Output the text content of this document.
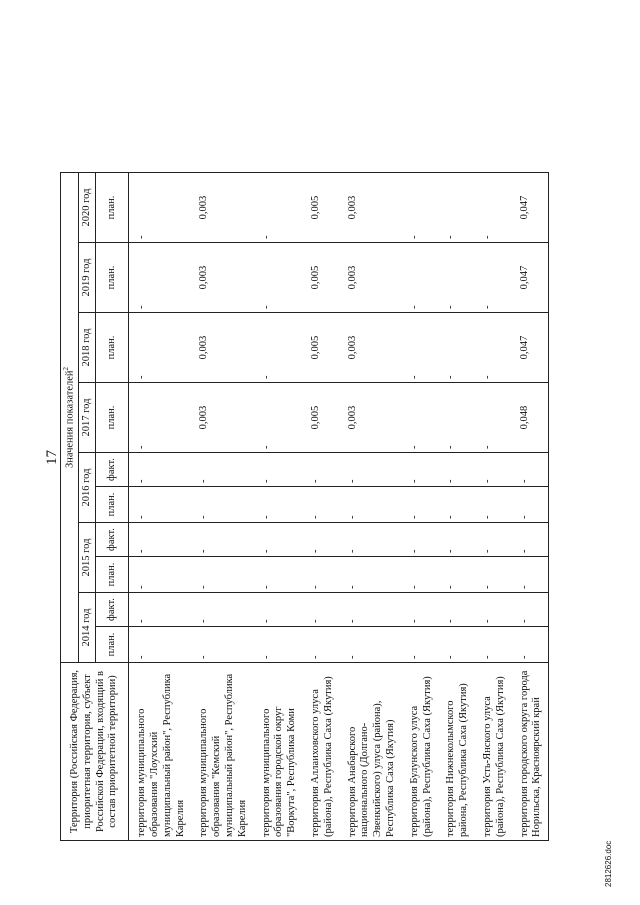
17
Территория (Российская Федерация, приоритетная территория, субъект Российской Федерации, входящий в состав приоритетной территории)	Значения показателей$^2$
	2014 год		2015 год		2016 год		2017 год	2018 год	2019 год	2020 год
	план.	факт.	план.	факт.	план.	факт.	план.	план.	план.	план.
территория муниципального образования "Лоухский муниципальный район", Республика Карелия	-	-	-	-	-	-	-	-	-	-
территория муниципального образования "Кемский муниципальный район", Республика Карелия	-	-	-	-	-	-	0,003	0,003	0,003	0,003
территория муниципального образования городской округ "Воркута", Республика Коми	-	-	-	-	-	-	-	-	-	-
территория Аллаиховского улуса (района), Республика Саха (Якутия)	-	-	-	-	-	-	0,005	0,005	0,005	0,005
территория Анабарского национального (Долгано-Эвенкийского) улуса (района), Республика Саха (Якутия)	-	-	-	-	-	-	0,003	0,003	0,003	0,003
территория Булунского улуса (района), Республика Саха (Якутия)	-	-	-	-	-	-	-	-	-	-
территория Нижнеколымского района, Республика Саха (Якутия)	-	-	-	-	-	-	-	-	-	-
территория Усть-Янского улуса (района), Республика Саха (Якутия)	-	-	-	-	-	-	-	-	-	-
территория городского округа города Норильска, Красноярский край	-	-	-	-	-	-	0,048	0,047	0,047	0,047
2812626.doc
